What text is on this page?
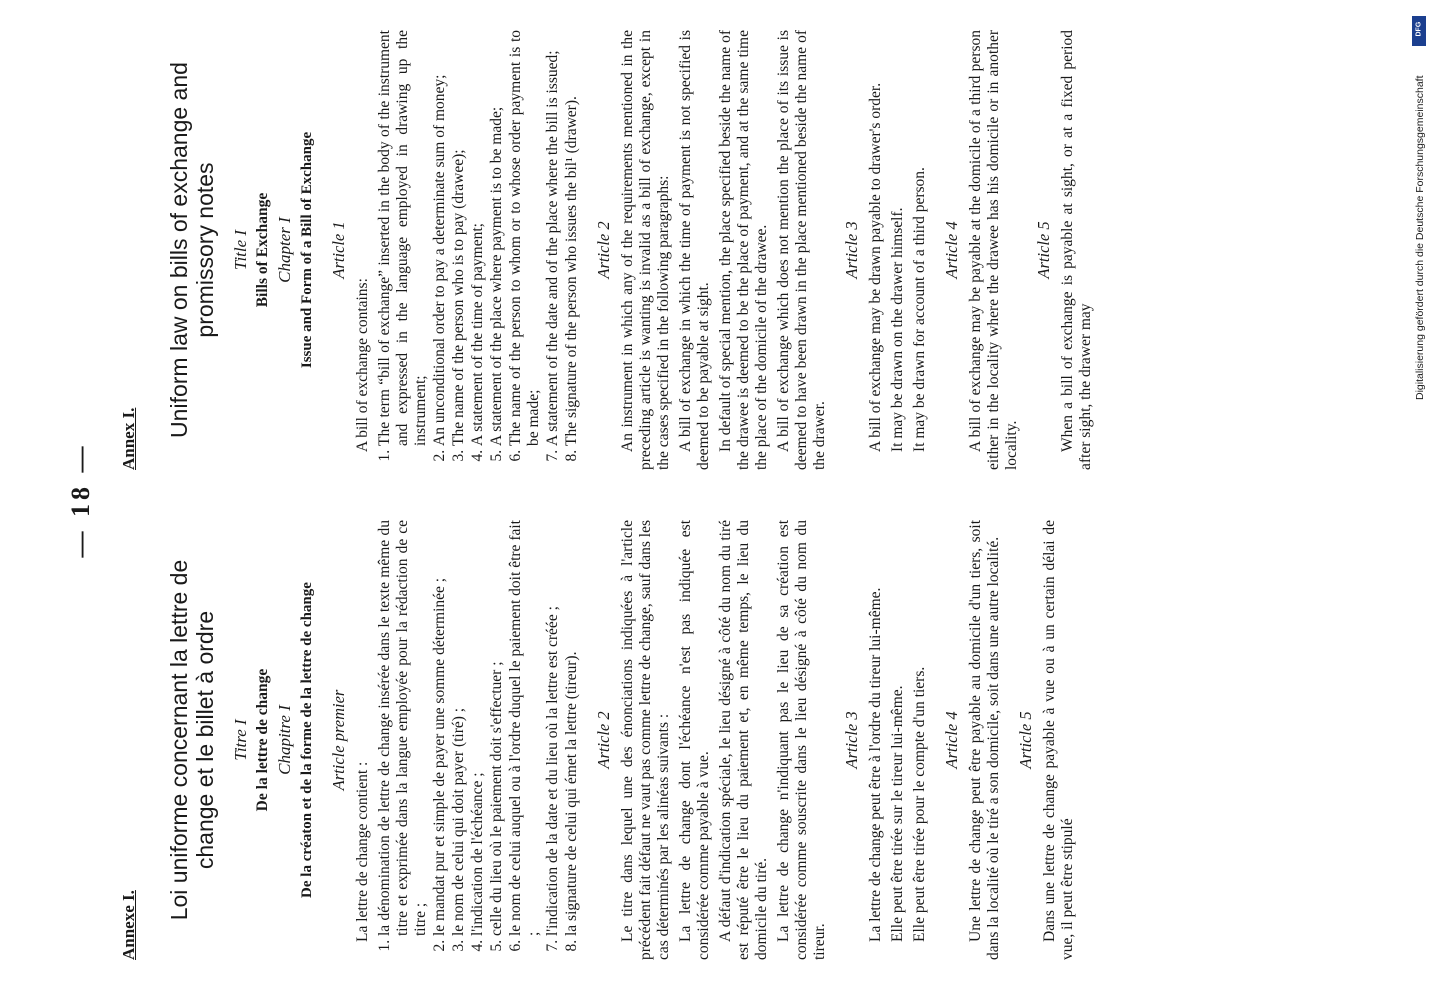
— 18 —
Annexe I.
Loi uniforme concernant la lettre de change et le billet à ordre Titre I De la lettre de change Chapitre I De la créaton et de la forme de la lettre de change Article premier
La lettre de change contient : 1. la dénomination de lettre de change insérée dans le texte même du titre et exprimée dans la langue employée pour la rédaction de ce titre ; 2. le mandat pur et simple de payer une somme déterminée ; 3. le nom de celui qui doit payer (tiré) ; 4. l'indication de l'échéance ; 5. celle du lieu où le paiement doit s'effectuer ; 6. le nom de celui auquel ou à l'ordre duquel le paiement doit être fait ; 7. l'indication de la date et du lieu où la lettre est créée ; 8. la signature de celui qui émet la lettre (tireur). Article 2 Le titre dans lequel une des énonciations indiquées à l'article précédent fait défaut ne vaut pas comme lettre de change, sauf dans les cas déterminés par les alinéas suivants : La lettre de change dont l'échéance n'est pas indiquée est considérée comme payable à vue. A défaut d'indication spéciale, le lieu désigné à côté du nom du tiré est réputé être le lieu du paiement et, en même temps, le lieu du domicile du tiré. La lettre de change n'indiquant pas le lieu de sa création est considérée comme souscrite dans le lieu désigné à côté du nom du tireur.
Article 3 La lettre de change peut être à l'ordre du tireur lui-même. Elle peut être tirée sur le tireur lui-même. Elle peut être tirée pour le compte d'un tiers. Article 4 Une lettre de change peut être payable au domicile d'un tiers, soit dans la localité où le tiré a son domicile, soit dans une autre localité. Article 5 Dans une lettre de change payable à vue ou à un certain délai de vue, il peut être stipulé
Annex I.
Uniform law on bills of exchange and promissory notes Title I Bills of Exchange Chapter I Issue and Form of a Bill of Exchange Article 1
A bill of exchange contains: 1. The term “bill of exchange” inserted in the body of the instrument and expressed in the language employed in drawing up the instrument; 2. An unconditional order to pay a determinate sum of money; 3. The name of the person who is to pay (drawee); 4. A statement of the time of payment; 5. A statement of the place where payment is to be made; 6. The name of the person to whom or to whose order payment is to be made; 7. A statement of the date and of the place where the bill is issued; 8. The signature of the person who issues the bil¹ (drawer). Article 2 An instrument in which any of the requirements mentioned in the preceding article is wanting is invalid as a bill of exchange, except in the cases specified in the following paragraphs: A bill of exchange in which the time of payment is not specified is deemed to be payable at sight. In default of special mention, the place specified beside the name of the drawee is deemed to be the place of payment, and at the same time the place of the domicile of the drawee. A bill of exchange which does not mention the place of its issue is deemed to have been drawn in the place mentioned beside the name of the drawer.
Article 3 A bill of exchange may be drawn payable to drawer's order. It may be drawn on the drawer himself. It may be drawn for account of a third person. Article 4 A bill of exchange may be payable at the domicile of a third person either in the locality where the drawee has his domicile or in another locality.
Article 5 When a bill of exchange is payable at sight, or at a fixed period after sight, the drawer may
DFG
Digitalisierung gefördert durch die Deutsche Forschungsgemeinschaft
